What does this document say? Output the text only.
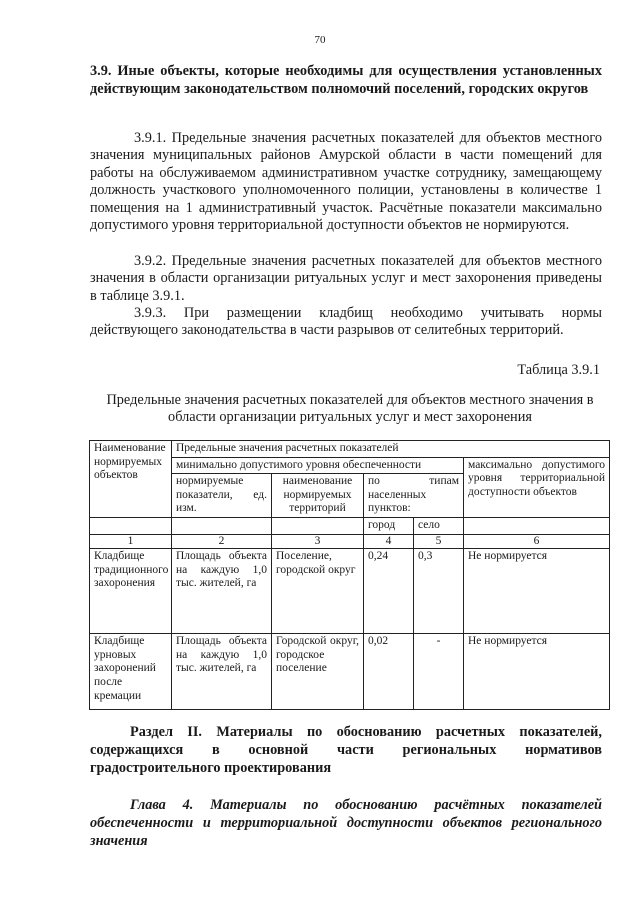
70
3.9. Иные объекты, которые необходимы для осуществления установленных действующим законодательством полномочий поселений, городских округов

3.9.1. Предельные значения расчетных показателей для объектов местного значения муниципальных районов Амурской области в части помещений для работы на обслуживаемом административном участке сотруднику, замещающему должность участкового уполномоченного полиции, установлены в количестве 1 помещения на 1 административный участок. Расчётные показатели максимально допустимого уровня территориальной доступности объектов не нормируются.

3.9.2. Предельные значения расчетных показателей для объектов местного значения в области организации ритуальных услуг и мест захоронения приведены в таблице 3.9.1.

3.9.3. При размещении кладбищ необходимо учитывать нормы действующего законодательства в части разрывов от селитебных территорий.

Таблица 3.9.1
Предельные значения расчетных показателей для объектов местного значения в области организации ритуальных услуг и мест захоронения
Наименование нормируемых объектов	Предельные значения расчетных показателей				
	минимально допустимого уровня обеспеченности				максимально допустимого уровня территориальной доступности объектов
	нормируемые показатели, ед. изм.	наименование нормируемых территорий	по типам населенных пунктов:		
			город	село	
1	2	3	4	5	6
Кладбище традиционного захоронения	Площадь объекта на каждую 1,0 тыс. жителей, га	Поселение, городской округ	0,24	0,3	Не нормируется
Кладбище урновых захоронений после кремации	Площадь объекта на каждую 1,0 тыс. жителей, га	Городской округ, городское поселение	0,02	-	Не нормируется
Раздел II. Материалы по обоснованию расчетных показателей, содержащихся в основной части региональных нормативов градостроительного проектирования
Глава 4. Материалы по обоснованию расчётных показателей обеспеченности и территориальной доступности объектов регионального значения
